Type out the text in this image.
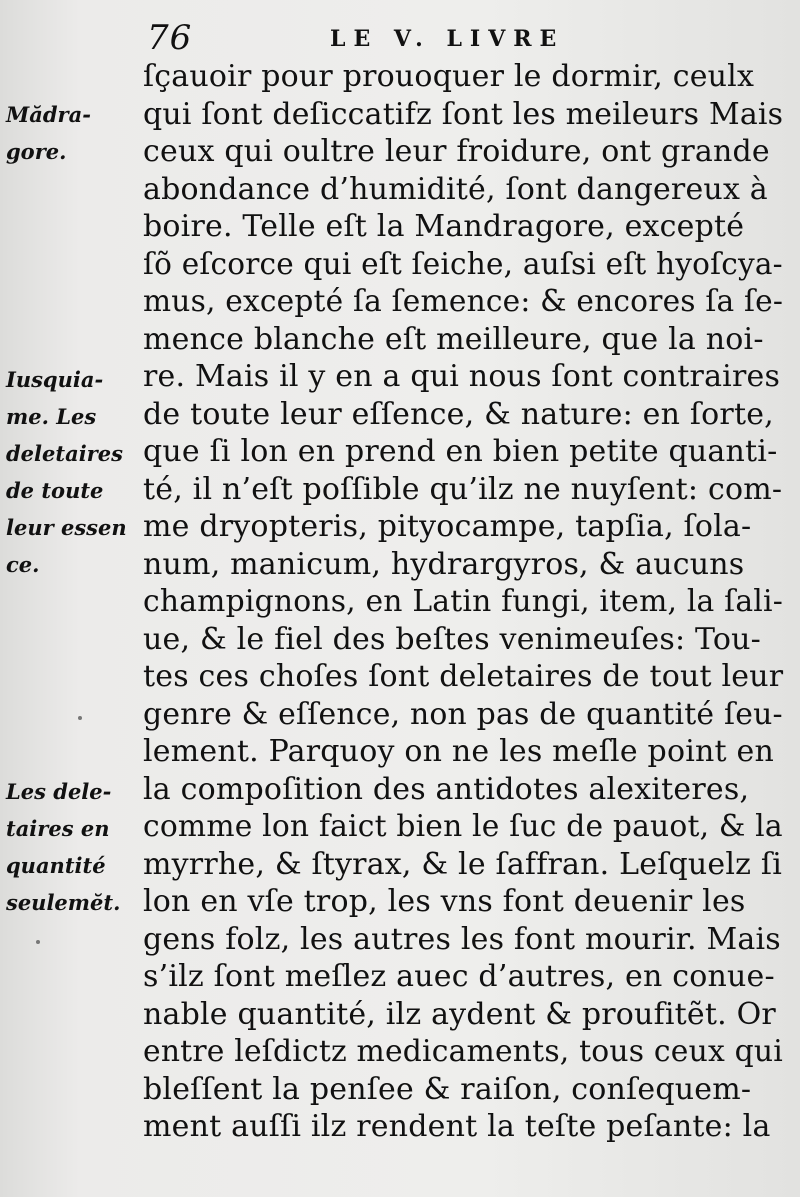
76	LE V. LIVRE
Mădra-
gore.
Iusquia-
me. Les
deletaires
de toute
leur essen
ce.
Les dele-
taires en
quantité
seulemĕt.
ſçauoir pour prouoquer le dormir, ceulx
qui ſont deſiccatifz ſont les meileurs Mais
ceux qui oultre leur froidure, ont grande
abondance d’humidité, ſont dangereux à
boire. Telle eſt la Mandragore, excepté
ſõ eſcorce qui eſt ſeiche, auſsi eſt hyoſcya-
mus, excepté ſa ſemence: & encores ſa ſe-
mence blanche eſt meilleure, que la noi-
re. Mais il y en a qui nous ſont contraires
de toute leur eſſence, & nature: en ſorte,
que ſi lon en prend en bien petite quanti-
té, il n’eſt poſſible qu’ilz ne nuyſent: com-
me dryopteris, pityocampe, tapſia, ſola-
num, manicum, hydrargyros, & aucuns
champignons, en Latin fungi, item, la ſali-
ue, & le fiel des beſtes venimeuſes: Tou-
tes ces choſes ſont deletaires de tout leur
genre & eſſence, non pas de quantité ſeu-
lement. Parquoy on ne les meſle point en
la compoſition des antidotes alexiteres,
comme lon faict bien le ſuc de pauot, & la
myrrhe, & ſtyrax, & le ſaffran. Leſquelz ſi
lon en vſe trop, les vns font deuenir les
gens folz, les autres les font mourir. Mais
s’ilz ſont meſlez auec d’autres, en conue-
nable quantité, ilz aydent & proufitẽt. Or
entre leſdictz medicaments, tous ceux qui
bleſſent la penſee & raiſon, conſequem-
ment auſſi ilz rendent la teſte peſante: la
